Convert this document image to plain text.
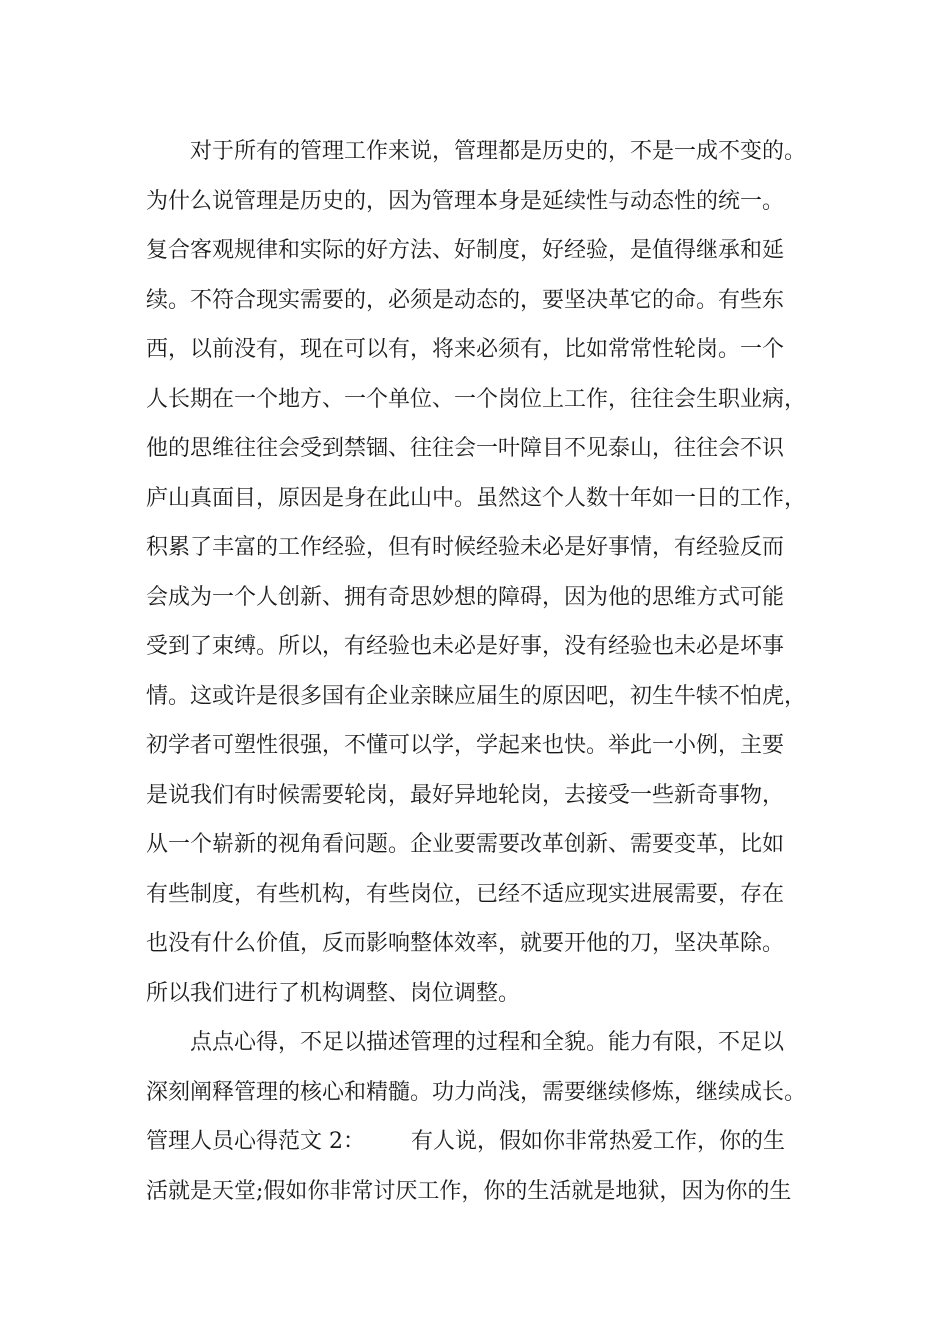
对于所有的管理工作来说，管理都是历史的，不是一成不变的。
为什么说管理是历史的，因为管理本身是延续性与动态性的统一。
复合客观规律和实际的好方法、好制度，好经验，是值得继承和延
续。不符合现实需要的，必须是动态的，要坚决革它的命。有些东
西，以前没有，现在可以有，将来必须有，比如常常性轮岗。一个
人长期在一个地方、一个单位、一个岗位上工作，往往会生职业病，
他的思维往往会受到禁锢、往往会一叶障目不见泰山，往往会不识
庐山真面目，原因是身在此山中。虽然这个人数十年如一日的工作，
积累了丰富的工作经验，但有时候经验未必是好事情，有经验反而
会成为一个人创新、拥有奇思妙想的障碍，因为他的思维方式可能
受到了束缚。所以，有经验也未必是好事，没有经验也未必是坏事
情。这或许是很多国有企业亲睐应届生的原因吧，初生牛犊不怕虎，
初学者可塑性很强，不懂可以学，学起来也快。举此一小例，主要
是说我们有时候需要轮岗，最好异地轮岗，去接受一些新奇事物，
从一个崭新的视角看问题。企业要需要改革创新、需要变革，比如
有些制度，有些机构，有些岗位，已经不适应现实进展需要，存在
也没有什么价值，反而影响整体效率，就要开他的刀，坚决革除。
所以我们进行了机构调整、岗位调整。
点点心得，不足以描述管理的过程和全貌。能力有限，不足以
深刻阐释管理的核心和精髓。功力尚浅，需要继续修炼，继续成长。
管理人员心得范文 2： 有人说，假如你非常热爱工作，你的生
活就是天堂;假如你非常讨厌工作，你的生活就是地狱，因为你的生
